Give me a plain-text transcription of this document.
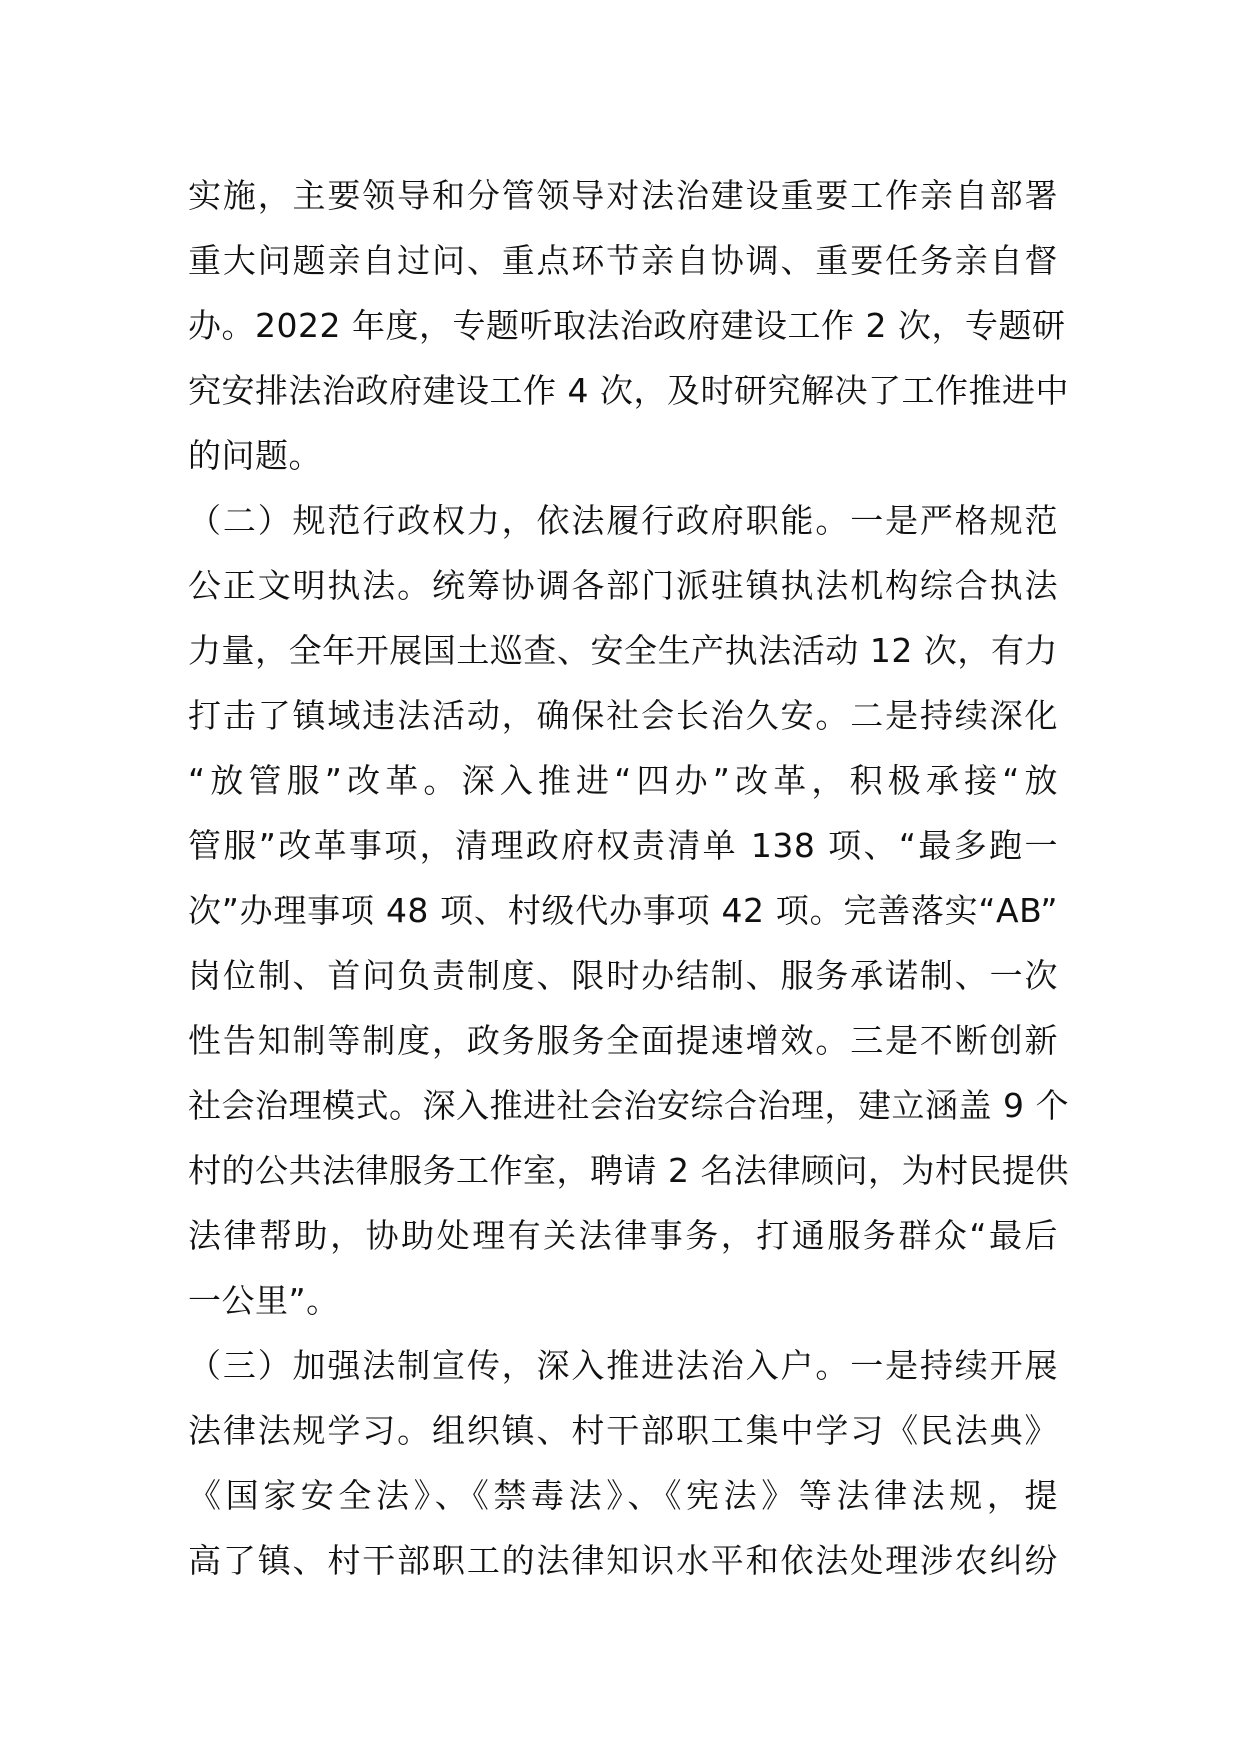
实施，主要领导和分管领导对法治建设重要工作亲自部署
重大问题亲自过问、重点环节亲自协调、重要任务亲自督
办。2022 年度，专题听取法治政府建设工作 2 次，专题研
究安排法治政府建设工作 4 次，及时研究解决了工作推进中
的问题。
（二）规范行政权力，依法履行政府职能。一是严格规范
公正文明执法。统筹协调各部门派驻镇执法机构综合执法
力量，全年开展国土巡查、安全生产执法活动 12 次，有力
打击了镇域违法活动，确保社会长治久安。二是持续深化
“放管服”改革。深入推进“四办”改革，积极承接“放
管服”改革事项，清理政府权责清单 138 项、“最多跑一
次”办理事项 48 项、村级代办事项 42 项。完善落实“AB”
岗位制、首问负责制度、限时办结制、服务承诺制、一次
性告知制等制度，政务服务全面提速增效。三是不断创新
社会治理模式。深入推进社会治安综合治理，建立涵盖 9 个
村的公共法律服务工作室，聘请 2 名法律顾问，为村民提供
法律帮助，协助处理有关法律事务，打通服务群众“最后
一公里”。
（三）加强法制宣传，深入推进法治入户。一是持续开展
法律法规学习。组织镇、村干部职工集中学习《民法典》
《国家安全法》、《禁毒法》、《宪法》等法律法规，提
高了镇、村干部职工的法律知识水平和依法处理涉农纠纷
